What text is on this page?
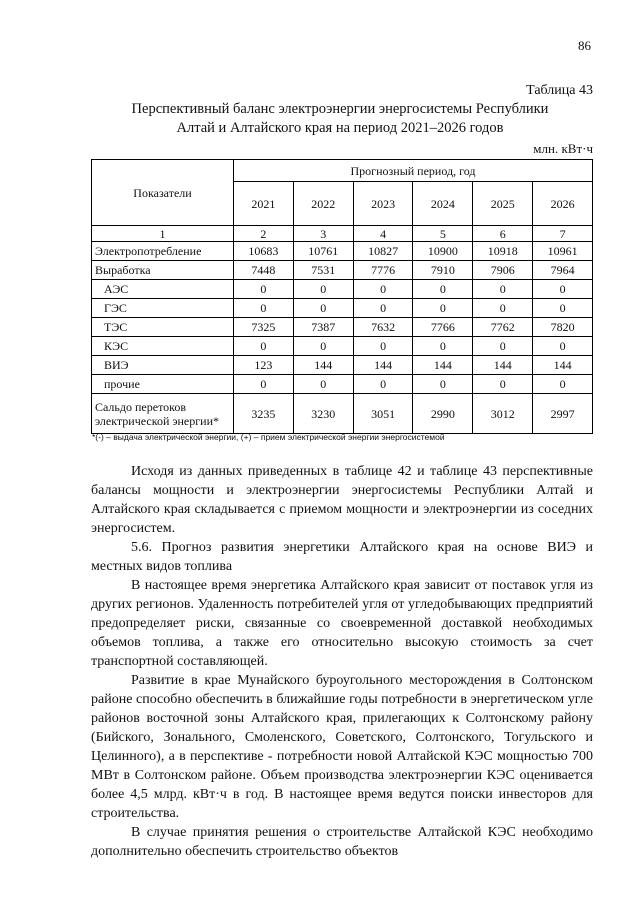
86
Таблица 43
Перспективный баланс электроэнергии энергосистемы Республики
Алтай и Алтайского края на период 2021–2026 годов
млн. кВт·ч
Показатели	Прогнозный период, год					
	2021	2022	2023	2024	2025	2026
1	2	3	4	5	6	7
Электропотребление	10683	10761	10827	10900	10918	10961
Выработка	7448	7531	7776	7910	7906	7964
АЭС	0	0	0	0	0	0
ГЭС	0	0	0	0	0	0
ТЭС	7325	7387	7632	7766	7762	7820
КЭС	0	0	0	0	0	0
ВИЭ	123	144	144	144	144	144
прочие	0	0	0	0	0	0

Сальдо перетоков
электрической энергии*	3235	3230	3051	2990	3012	2997
*(-) – выдача электрической энергии, (+) – прием электрической энергии энергосистемой

Исходя из данных приведенных в таблице 42 и таблице 43 перспективные балансы мощности и электроэнергии энергосистемы Республики Алтай и Алтайского края складывается с приемом мощности и электроэнергии из соседних энергосистем.

5.6. Прогноз развития энергетики Алтайского края на основе ВИЭ и местных видов топлива

В настоящее время энергетика Алтайского края зависит от поставок угля из других регионов. Удаленность потребителей угля от угледобывающих предприятий предопределяет риски, связанные со своевременной доставкой необходимых объемов топлива, а также его относительно высокую стоимость за счет транспортной составляющей.

Развитие в крае Мунайского буроугольного месторождения в Солтонском районе способно обеспечить в ближайшие годы потребности в энергетическом угле районов восточной зоны Алтайского края, прилегающих к Солтонскому району (Бийского, Зонального, Смоленского, Советского, Солтонского, Тогульского и Целинного), а в перспективе - потребности новой Алтайской КЭС мощностью 700 МВт в Солтонском районе. Объем производства электроэнергии КЭС оценивается более 4,5 млрд. кВт·ч в год. В настоящее время ведутся поиски инвесторов для строительства.

В случае принятия решения о строительстве Алтайской КЭС необходимо дополнительно обеспечить строительство объектов
